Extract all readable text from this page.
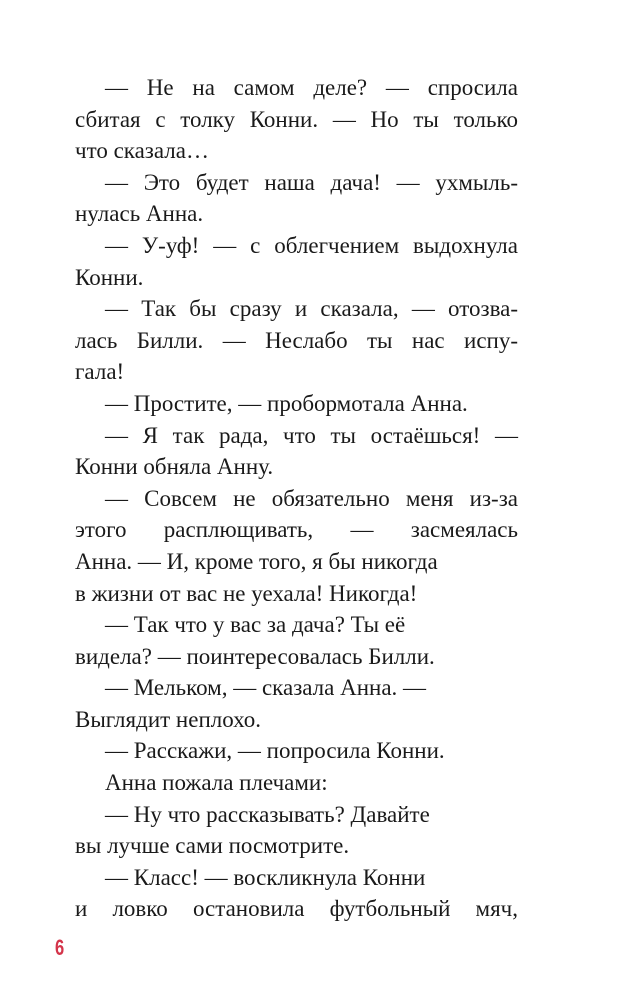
— Не на самом деле? — спросила
сбитая с толку Конни. — Но ты только
что сказала…
— Это будет наша дача! — ухмыль-
нулась Анна.
— У-уф! — с облегчением выдохнула
Конни.
— Так бы сразу и сказала, — отозва-
лась Билли. — Неслабо ты нас испу-
гала!
— Простите, — пробормотала Анна.
— Я так рада, что ты остаёшься! —
Конни обняла Анну.
— Совсем не обязательно меня из-за
этого расплющивать, — засмеялась
Анна. — И, кроме того, я бы никогда
в жизни от вас не уехала! Никогда!
— Так что у вас за дача? Ты её
видела? — поинтересовалась Билли.
— Мельком, — сказала Анна. —
Выглядит неплохо.
— Расскажи, — попросила Конни.
Анна пожала плечами:
— Ну что рассказывать? Давайте
вы лучше сами посмотрите.
— Класс! — воскликнула Конни
и ловко остановила футбольный мяч,
6
